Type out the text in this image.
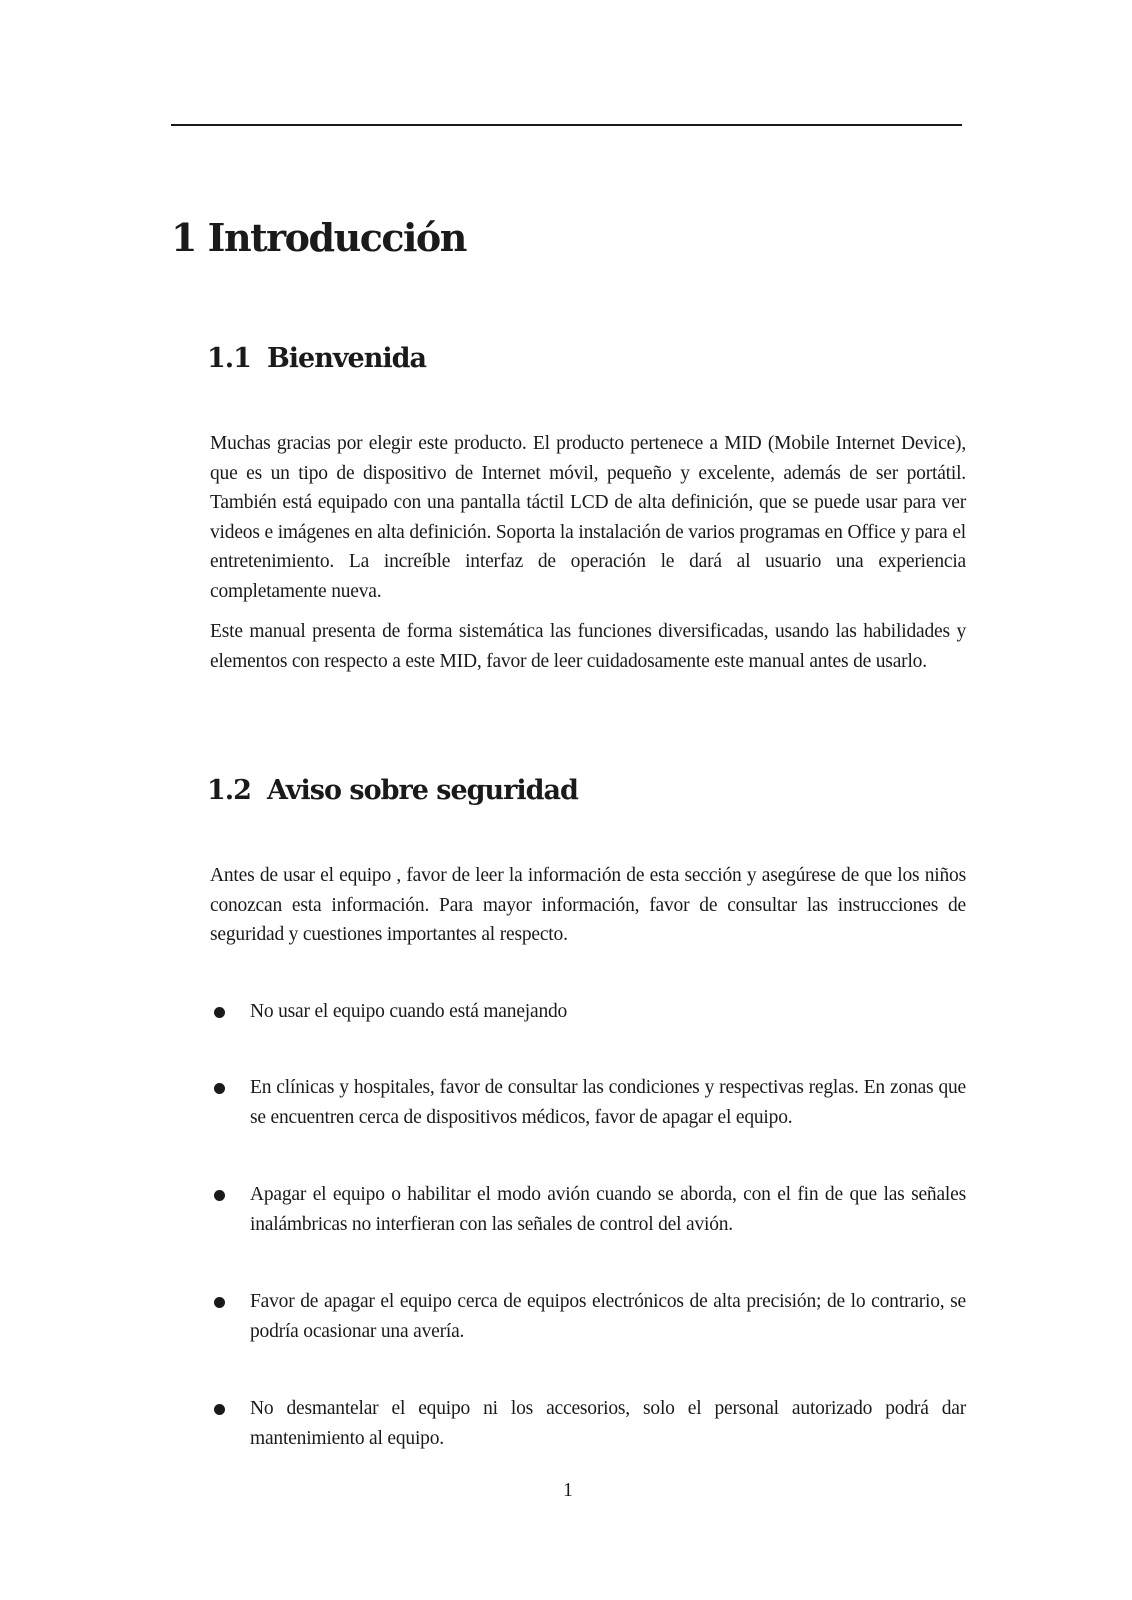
1 Introducción
1.1 Bienvenida

Muchas gracias por elegir este producto. El producto pertenece a MID (Mobile Internet Device), que es un tipo de dispositivo de Internet móvil, pequeño y excelente, además de ser portátil. También está equipado con una pantalla táctil LCD de alta definición, que se puede usar para ver videos e imágenes en alta definición. Soporta la instalación de varios programas en Office y para el entretenimiento. La increíble interfaz de operación le dará al usuario una experiencia completamente nueva.

Este manual presenta de forma sistemática las funciones diversificadas, usando las habilidades y elementos con respecto a este MID, favor de leer cuidadosamente este manual antes de usarlo.

1.2 Aviso sobre seguridad

Antes de usar el equipo , favor de leer la información de esta sección y asegúrese de que los niños conozcan esta información. Para mayor información, favor de consultar las instrucciones de seguridad y cuestiones importantes al respecto.

No usar el equipo cuando está manejando

En clínicas y hospitales, favor de consultar las condiciones y respectivas reglas. En zonas que se encuentren cerca de dispositivos médicos, favor de apagar el equipo.

Apagar el equipo o habilitar el modo avión cuando se aborda, con el fin de que las señales inalámbricas no interfieran con las señales de control del avión.

Favor de apagar el equipo cerca de equipos electrónicos de alta precisión; de lo contrario, se podría ocasionar una avería.

No desmantelar el equipo ni los accesorios, solo el personal autorizado podrá dar mantenimiento al equipo.

1
